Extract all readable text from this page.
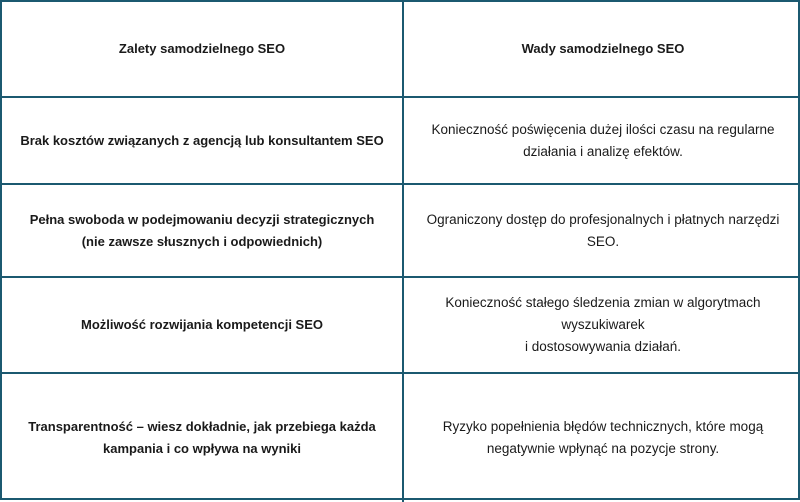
Zalety samodzielnego SEO	Wady samodzielnego SEO
Brak kosztów związanych z agencją lub konsultantem SEO
Konieczność poświęcenia dużej ilości czasu na regularne działania i analizę efektów.
Pełna swoboda w podejmowaniu decyzji strategicznych (nie zawsze słusznych i odpowiednich)
Ograniczony dostęp do profesjonalnych i płatnych narzędzi SEO.
Możliwość rozwijania kompetencji SEO
Konieczność stałego śledzenia zmian w algorytmach wyszukiwarek
i dostosowywania działań.
Transparentność – wiesz dokładnie, jak przebiega każda kampania i co wpływa na wyniki
Ryzyko popełnienia błędów technicznych, które mogą negatywnie wpłynąć na pozycje strony.
